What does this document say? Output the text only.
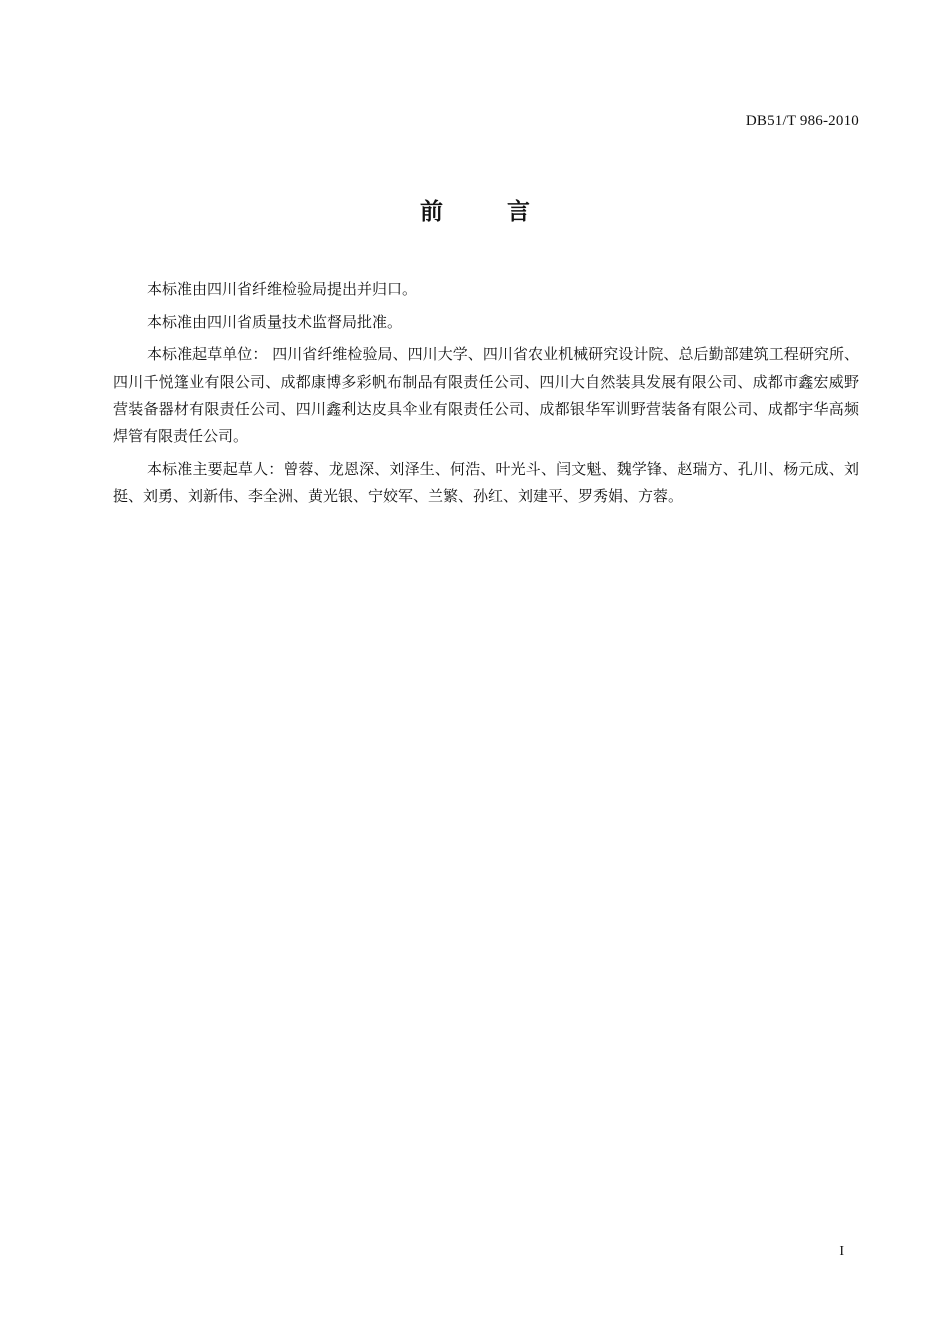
DB51/T 986-2010
前 言

本标准由四川省纤维检验局提出并归口。

本标准由四川省质量技术监督局批准。

本标准起草单位： 四川省纤维检验局、四川大学、四川省农业机械研究设计院、总后勤部建筑工程研究所、四川千悦篷业有限公司、成都康博多彩帆布制品有限责任公司、四川大自然装具发展有限公司、成都市鑫宏威野营装备器材有限责任公司、四川鑫利达皮具伞业有限责任公司、成都银华军训野营装备有限公司、成都宇华高频焊管有限责任公司。

本标准主要起草人：曾蓉、龙恩深、刘泽生、何浩、叶光斗、闫文魁、魏学锋、赵瑞方、孔川、杨元成、刘挺、刘勇、刘新伟、李全洲、黄光银、宁姣军、兰繁、孙红、刘建平、罗秀娟、方蓉。

I
